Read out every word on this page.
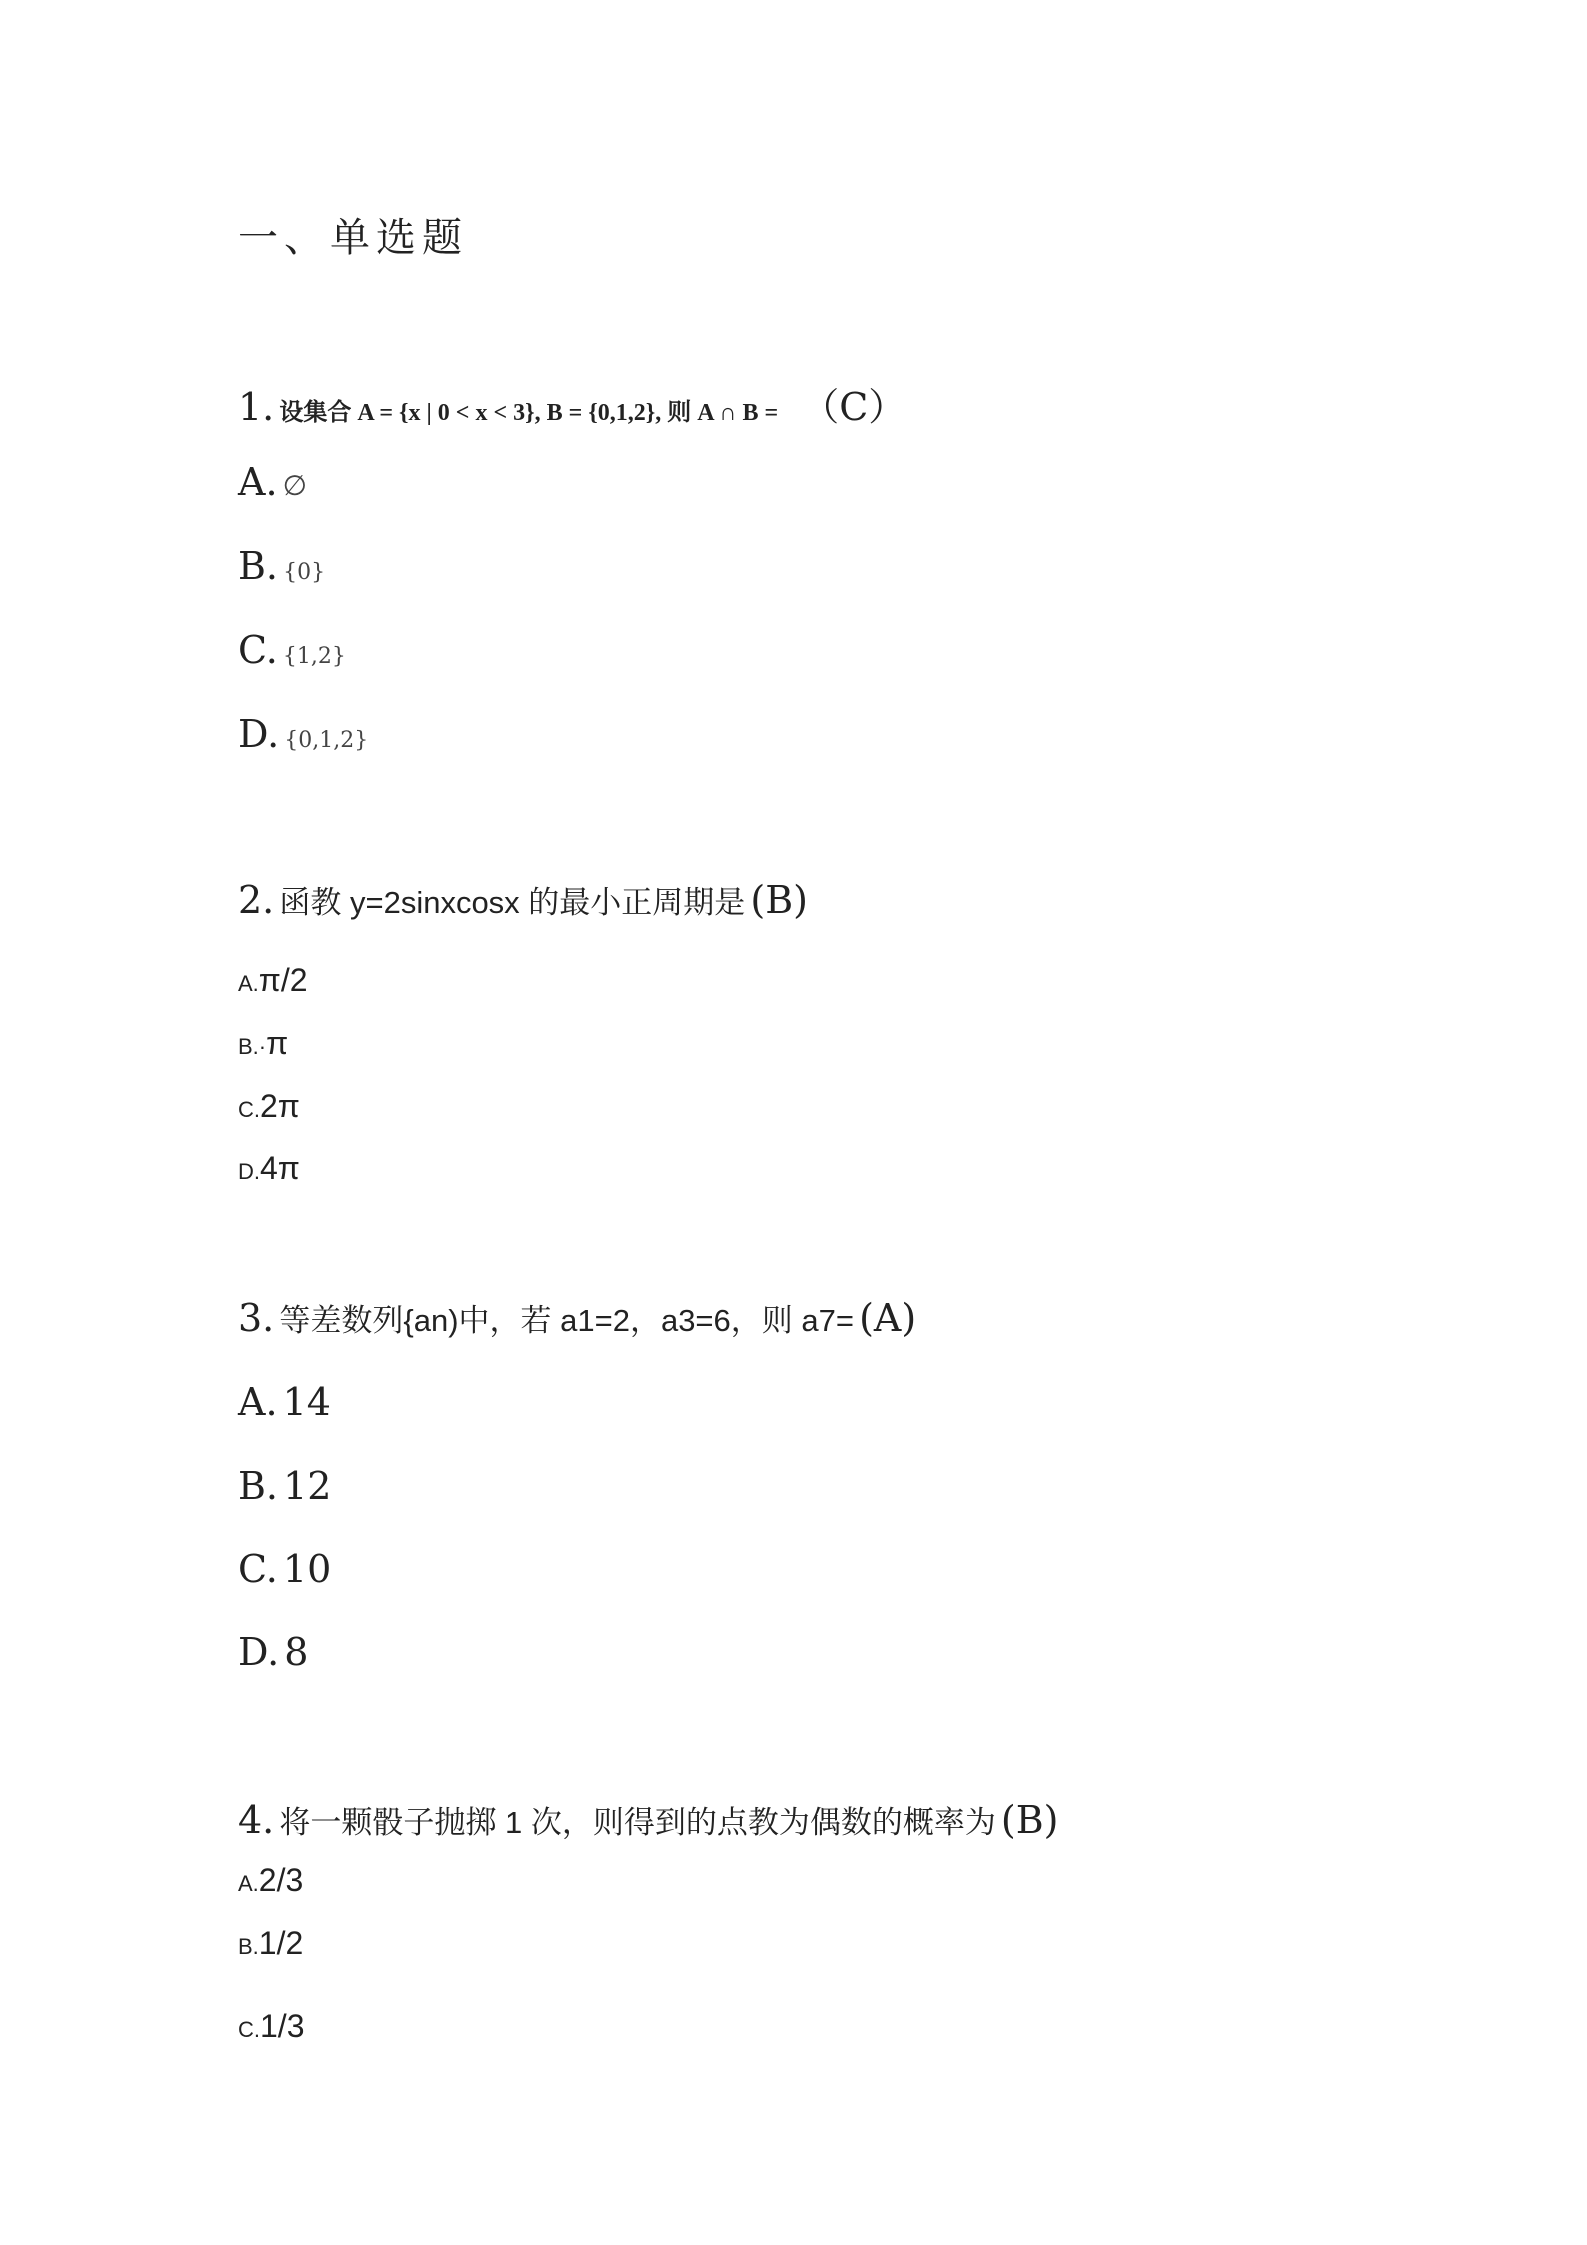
一、单选题
1. 设集合 A = {x | 0 < x < 3}, B = {0,1,2}, 则 A ∩ B = （C）
A. ∅
B. {0}
C. {1,2}
D. {0,1,2}
2. 函教 y=2sinxcosx 的最小正周期是 (B)
A.π/2
B.·π
C.2π
D.4π
3. 等差数列{an)中，若 a1=2，a3=6，则 a7= (A)
A. 14
B. 12
C. 10
D. 8
4. 将一颗骰子抛掷 1 次，则得到的点教为偶数的概率为 (B)
A.2/3
B.1/2
C.1/3
